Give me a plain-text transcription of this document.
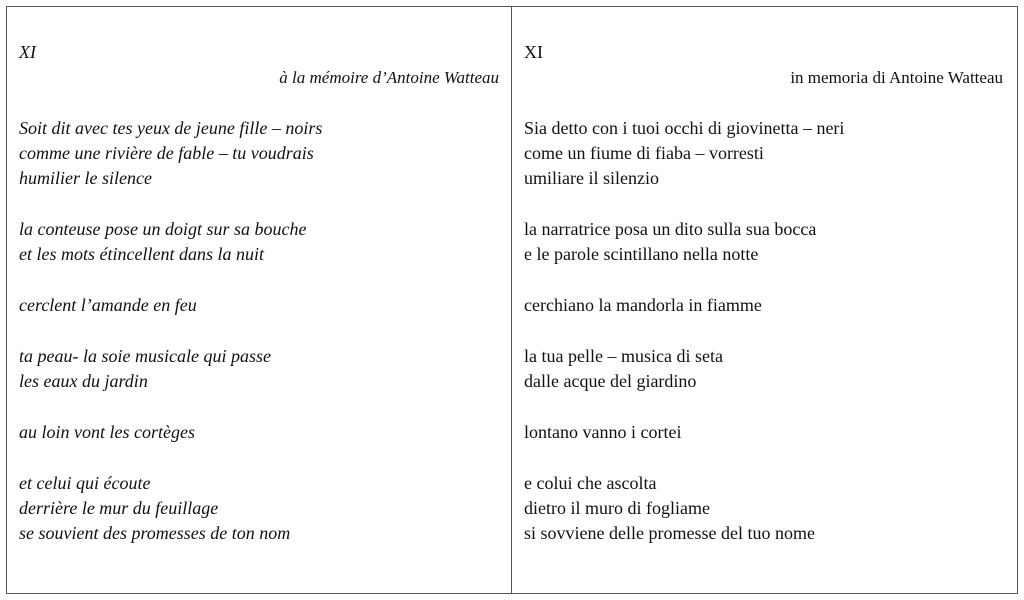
XI
à la mémoire d’Antoine Watteau
Soit dit avec tes yeux de jeune fille – noirs
comme une rivière de fable – tu voudrais
humilier le silence
la conteuse pose un doigt sur sa bouche
et les mots étincellent dans la nuit
cerclent l’amande en feu
ta peau- la soie musicale qui passe
les eaux du jardin
au loin vont les cortèges
et celui qui écoute
derrière le mur du feuillage
se souvient des promesses de ton nom
XI
in memoria di Antoine Watteau
Sia detto con i tuoi occhi di giovinetta – neri
come un fiume di fiaba – vorresti
umiliare il silenzio
la narratrice posa un dito sulla sua bocca
e le parole scintillano nella notte
cerchiano la mandorla in fiamme
la tua pelle – musica di seta
dalle acque del giardino
lontano vanno i cortei
e colui che ascolta
dietro il muro di fogliame
si sovviene delle promesse del tuo nome
